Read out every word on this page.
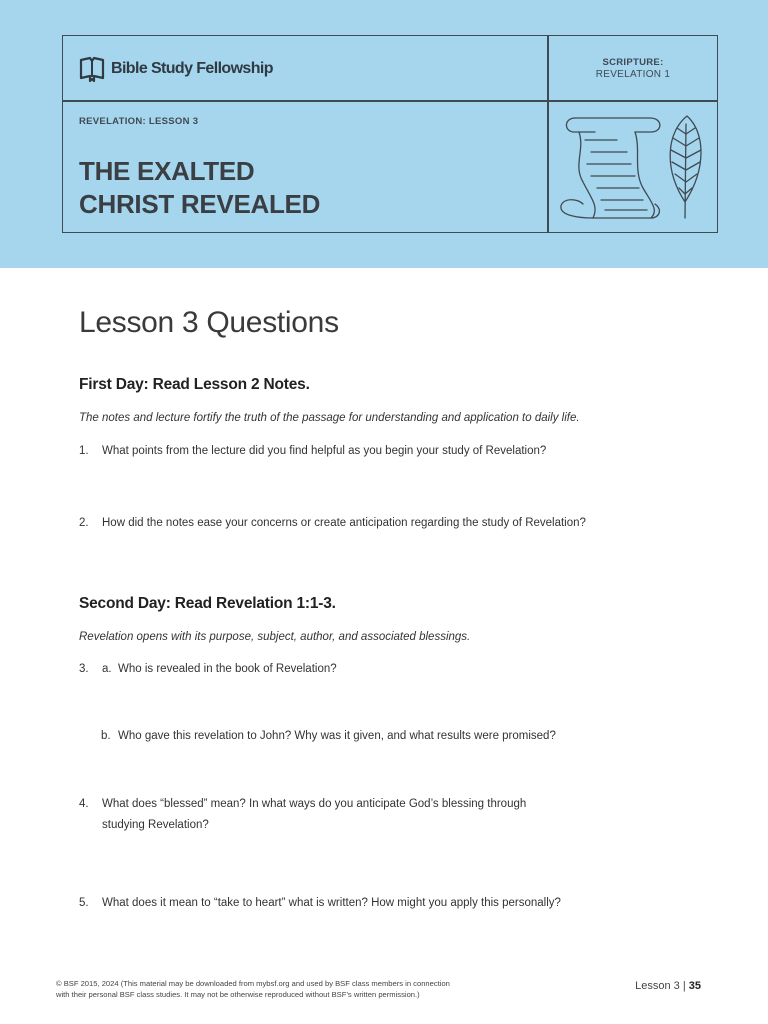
Bible Study Fellowship	SCRIPTURE:
REVELATION 1
REVELATION: LESSON 3
THE EXALTED
CHRIST REVEALED
Lesson 3 Questions
First Day: Read Lesson 2 Notes.
The notes and lecture fortify the truth of the passage for understanding and application to daily life.
1. What points from the lecture did you find helpful as you begin your study of Revelation?
2. How did the notes ease your concerns or create anticipation regarding the study of Revelation?
Second Day: Read Revelation 1:1-3.
Revelation opens with its purpose, subject, author, and associated blessings.
3. a. Who is revealed in the book of Revelation?
b. Who gave this revelation to John? Why was it given, and what results were promised?
4. What does “blessed” mean? In what ways do you anticipate God’s blessing through
studying Revelation?
5. What does it mean to “take to heart” what is written? How might you apply this personally?
© BSF 2015, 2024 (This material may be downloaded from mybsf.org and used by BSF class members in connection
with their personal BSF class studies. It may not be otherwise reproduced without BSF’s written permission.)
Lesson 3 | 35
